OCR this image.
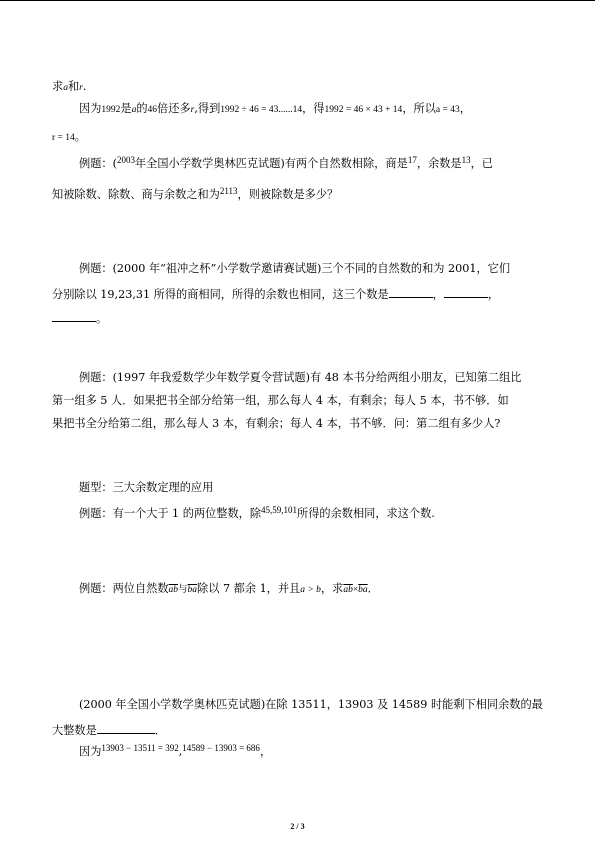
求a和r.
因为1992是a的46倍还多r,得到1992 ÷ 46 = 43......14，得1992 = 46 × 43 + 14，所以a = 43，
r = 14。
例题：($^{2003}$年全国小学数学奥林匹克试题)有两个自然数相除，商是$^{17}$，余数是$^{13}$，已
知被除数、除数、商与余数之和为$^{2113}$，则被除数是多少？
例题：(2000 年“祖冲之杯”小学数学邀请赛试题)三个不同的自然数的和为 2001，它们
分别除以 19,23,31 所得的商相同，所得的余数也相同，这三个数是	，	，
。
例题：(1997 年我爱数学少年数学夏令营试题)有 48 本书分给两组小朋友，已知第二组比
第一组多 5 人．如果把书全部分给第一组，那么每人 4 本，有剩余；每人 5 本，书不够．如
果把书全分给第二组，那么每人 3 本，有剩余；每人 4 本，书不够．问：第二组有多少人?
题型：三大余数定理的应用
例题：有一个大于 1 的两位整数，除$^{45,59,101}$所得的余数相同，求这个数.
例题：两位自然数$\overline{ab}$与$\overline{ba}$除以 7 都余 1，并且a > b，求$\overline{ab}\times\overline{ba}$．
(2000 年全国小学数学奥林匹克试题)在除 13511，13903 及 14589 时能剩下相同余数的最
大整数是	．
因为$^{13903 - 13511 = 392}$,$^{14589 - 13903 = 686}$，
2 / 3
